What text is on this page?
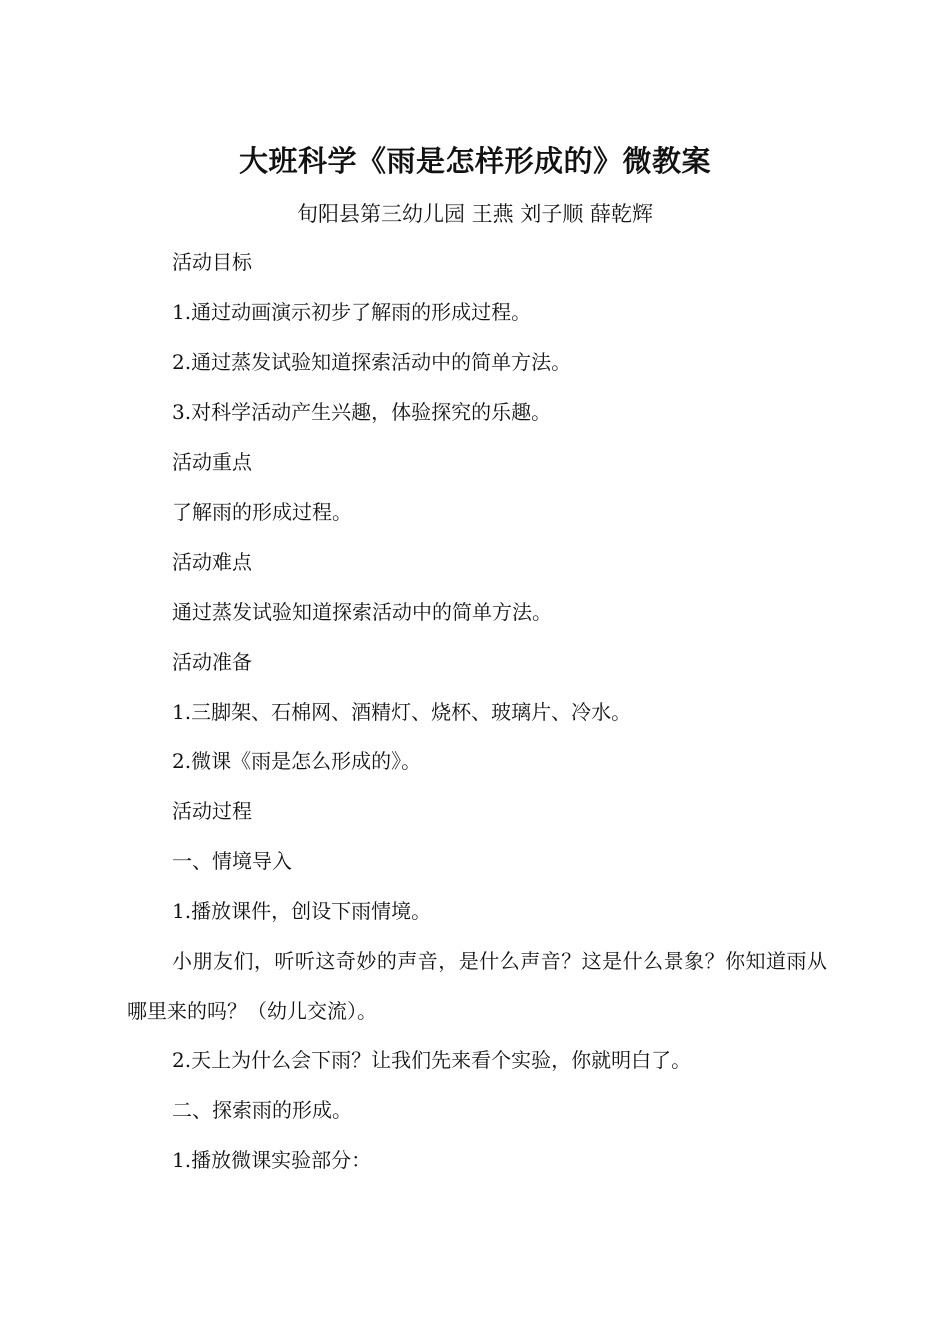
大班科学《雨是怎样形成的》微教案
旬阳县第三幼儿园 王燕 刘子顺 薛乾辉
活动目标
1.通过动画演示初步了解雨的形成过程。
2.通过蒸发试验知道探索活动中的简单方法。
3.对科学活动产生兴趣，体验探究的乐趣。
活动重点
了解雨的形成过程。
活动难点
通过蒸发试验知道探索活动中的简单方法。
活动准备
1.三脚架、石棉网、酒精灯、烧杯、玻璃片、冷水。
2.微课《雨是怎么形成的》。
活动过程
一、情境导入
1.播放课件，创设下雨情境。
小朋友们，听听这奇妙的声音，是什么声音？这是什么景象？你知道雨从哪里来的吗？（幼儿交流）。
2.天上为什么会下雨？让我们先来看个实验，你就明白了。
二、探索雨的形成。
1.播放微课实验部分：
